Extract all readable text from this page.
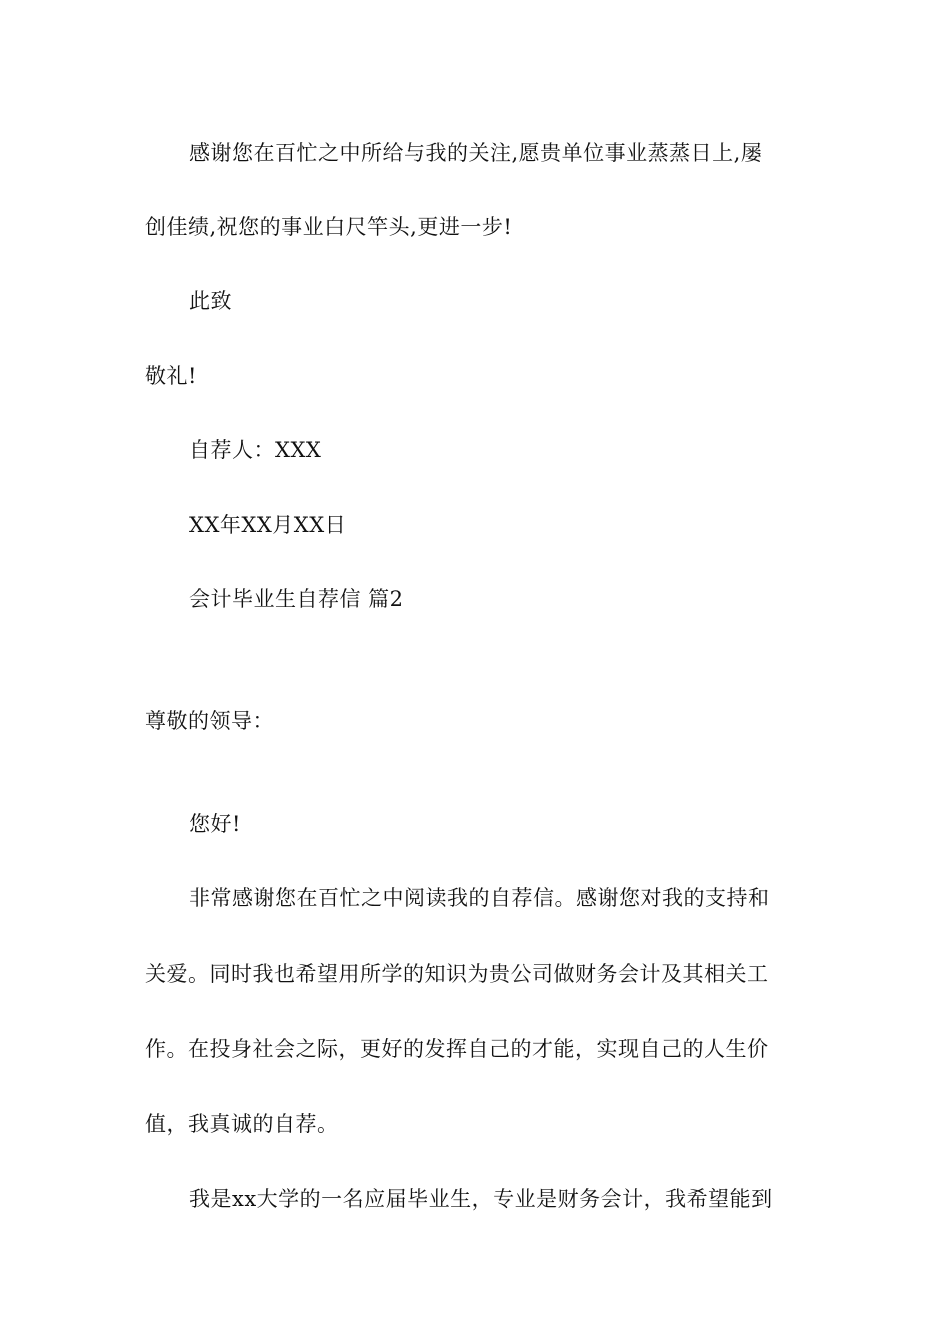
感谢您在百忙之中所给与我的关注,愿贵单位事业蒸蒸日上,屡
创佳绩,祝您的事业白尺竿头,更进一步!
此致
敬礼!
自荐人：XXX
XX年XX月XX日
会计毕业生自荐信 篇2
尊敬的领导：
您好!
非常感谢您在百忙之中阅读我的自荐信。感谢您对我的支持和
关爱。同时我也希望用所学的知识为贵公司做财务会计及其相关工
作。在投身社会之际，更好的发挥自己的才能，实现自己的人生价
值，我真诚的自荐。
我是xx大学的一名应届毕业生，专业是财务会计，我希望能到
